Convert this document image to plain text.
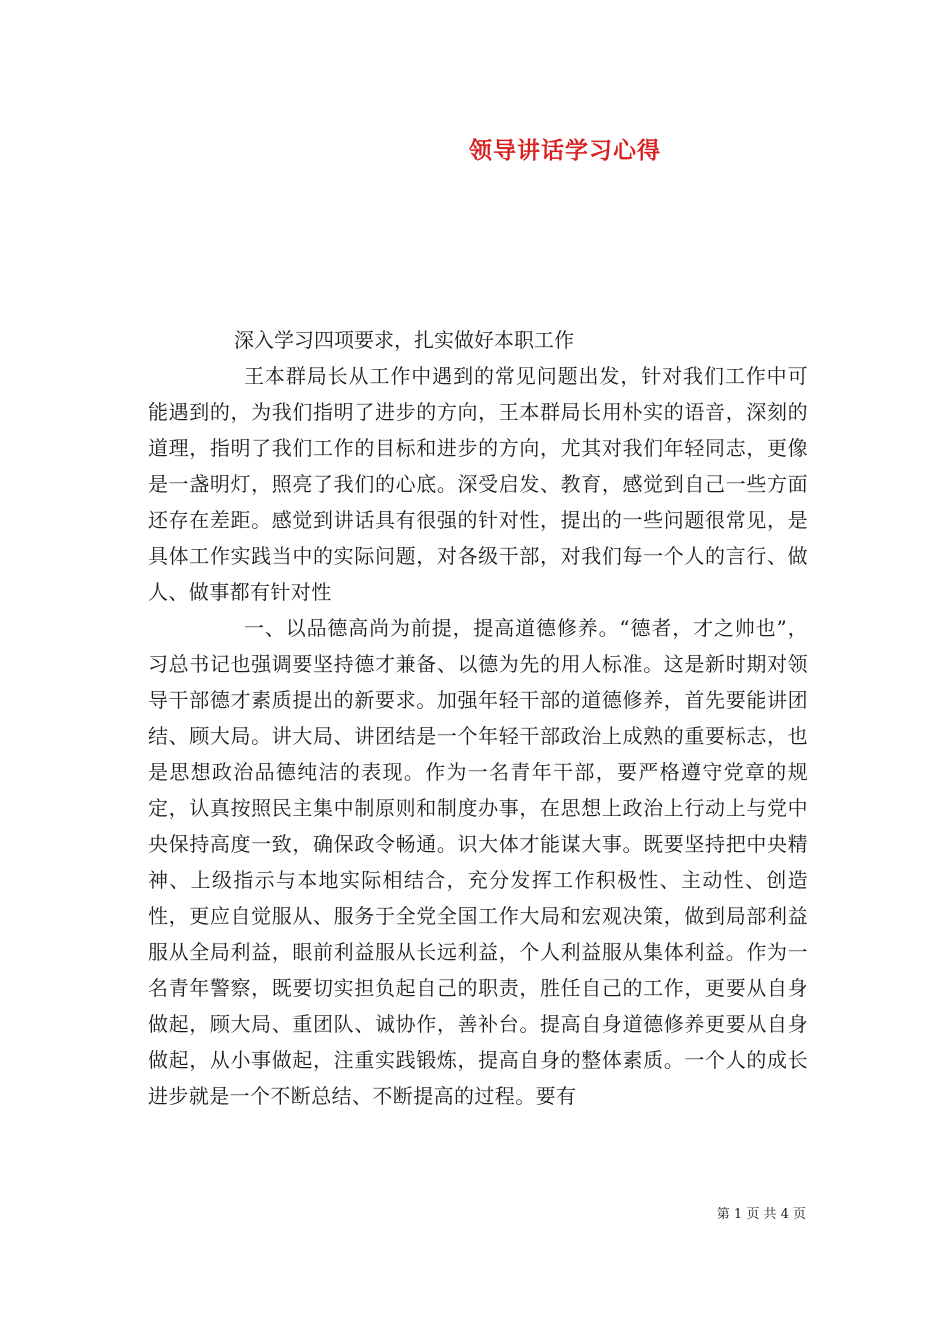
领导讲话学习心得

深入学习四项要求，扎实做好本职工作

王本群局长从工作中遇到的常见问题出发，针对我们工作中可能遇到的，为我们指明了进步的方向，王本群局长用朴实的语音，深刻的道理，指明了我们工作的目标和进步的方向，尤其对我们年轻同志，更像是一盏明灯，照亮了我们的心底。深受启发、教育，感觉到自己一些方面还存在差距。感觉到讲话具有很强的针对性，提出的一些问题很常见，是具体工作实践当中的实际问题，对各级干部，对我们每一个人的言行、做人、做事都有针对性

一、以品德高尚为前提，提高道德修养。“德者，才之帅也”，习总书记也强调要坚持德才兼备、以德为先的用人标准。这是新时期对领导干部德才素质提出的新要求。加强年轻干部的道德修养，首先要能讲团结、顾大局。讲大局、讲团结是一个年轻干部政治上成熟的重要标志，也是思想政治品德纯洁的表现。作为一名青年干部，要严格遵守党章的规定，认真按照民主集中制原则和制度办事，在思想上政治上行动上与党中央保持高度一致，确保政令畅通。识大体才能谋大事。既要坚持把中央精神、上级指示与本地实际相结合，充分发挥工作积极性、主动性、创造性，更应自觉服从、服务于全党全国工作大局和宏观决策，做到局部利益服从全局利益，眼前利益服从长远利益，个人利益服从集体利益。作为一名青年警察，既要切实担负起自己的职责，胜任自己的工作，更要从自身做起，顾大局、重团队、诚协作，善补台。提高自身道德修养更要从自身做起，从小事做起，注重实践锻炼，提高自身的整体素质。一个人的成长进步就是一个不断总结、不断提高的过程。要有

第 1 页 共 4 页
